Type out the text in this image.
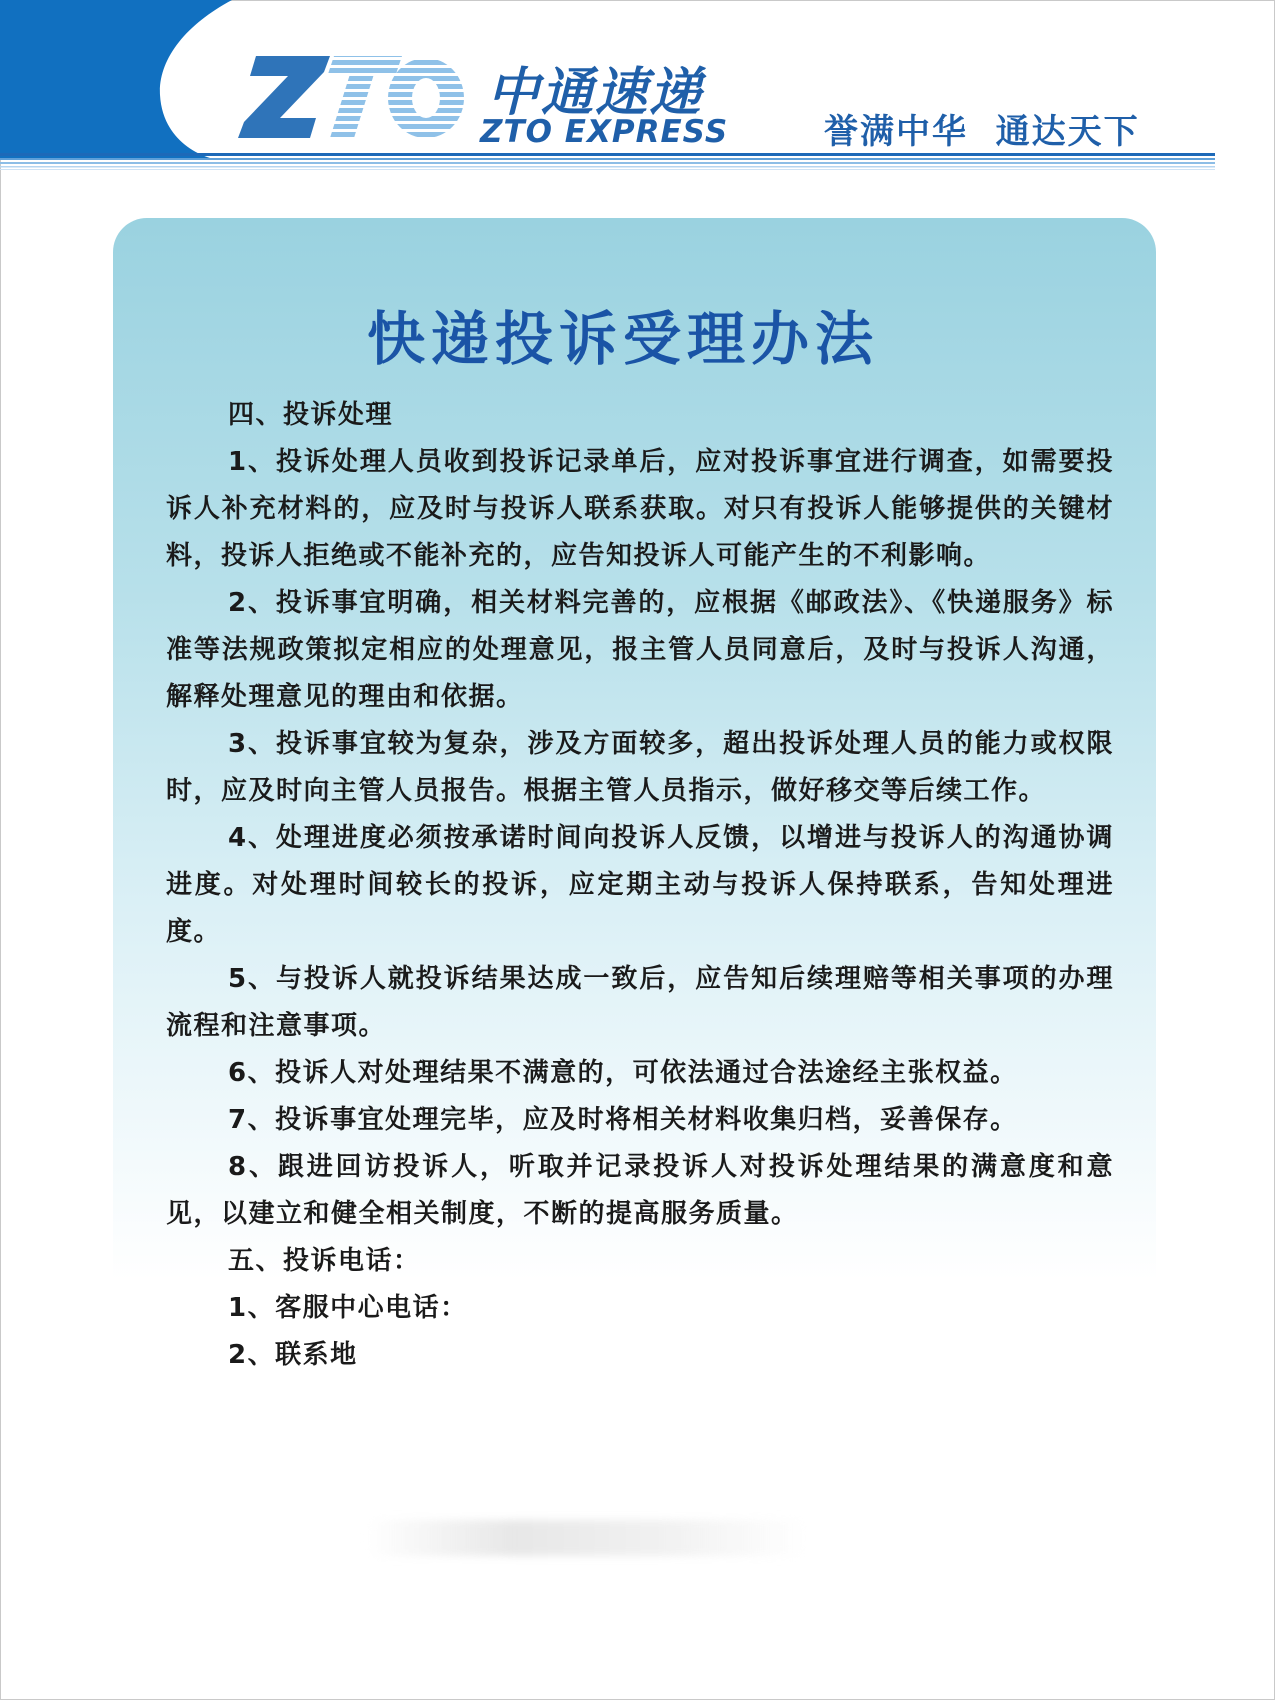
中通速递
ZTO EXPRESS	誉满中华  通达天下
快递投诉受理办法

四、投诉处理

1、投诉处理人员收到投诉记录单后，应对投诉事宜进行调查，如需要投诉人补充材料的，应及时与投诉人联系获取。对只有投诉人能够提供的关键材料，投诉人拒绝或不能补充的，应告知投诉人可能产生的不利影响。

2、投诉事宜明确，相关材料完善的，应根据《邮政法》、《快递服务》标准等法规政策拟定相应的处理意见，报主管人员同意后，及时与投诉人沟通，解释处理意见的理由和依据。

3、投诉事宜较为复杂，涉及方面较多，超出投诉处理人员的能力或权限时，应及时向主管人员报告。根据主管人员指示，做好移交等后续工作。

4、处理进度必须按承诺时间向投诉人反馈，以增进与投诉人的沟通协调进度。对处理时间较长的投诉，应定期主动与投诉人保持联系，告知处理进度。

5、与投诉人就投诉结果达成一致后，应告知后续理赔等相关事项的办理流程和注意事项。

6、投诉人对处理结果不满意的，可依法通过合法途经主张权益。

7、投诉事宜处理完毕，应及时将相关材料收集归档，妥善保存。

8、跟进回访投诉人，听取并记录投诉人对投诉处理结果的满意度和意见，以建立和健全相关制度，不断的提高服务质量。

五、投诉电话：

1、客服中心电话：

2、联系地
